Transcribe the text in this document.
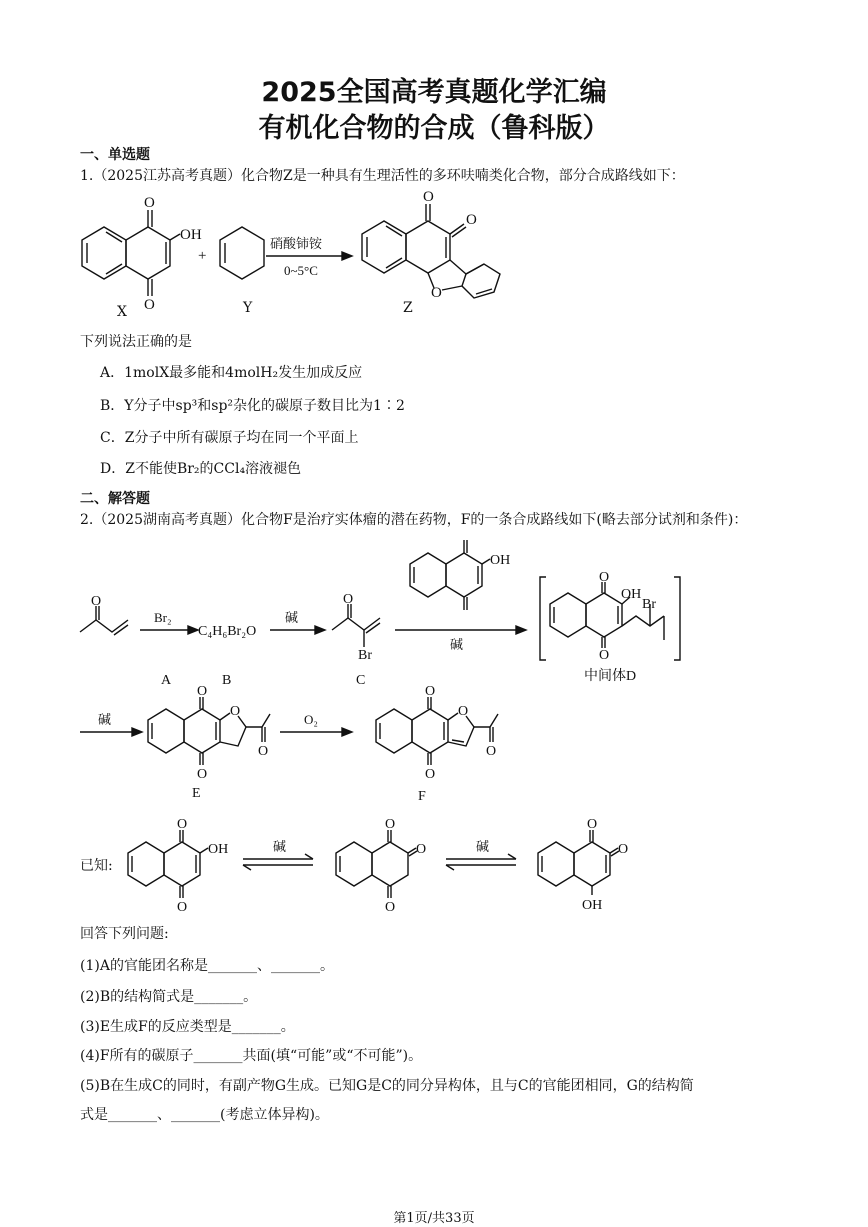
2025全国高考真题化学汇编
有机化合物的合成（鲁科版）
一、单选题
1.（2025江苏高考真题）化合物Z是一种具有生理活性的多环呋喃类化合物，部分合成路线如下：
O
O
OH
+
硝酸铈铵
0~5°C
O
O
O
X	Y	Z
下列说法正确的是
A．1molX最多能和4molH₂发生加成反应
B．Y分子中sp³和sp²杂化的碳原子数目比为1∶2
C．Z分子中所有碳原子均在同一个平面上
D．Z不能使Br₂的CCl₄溶液褪色
二、解答题
2.（2025湖南高考真题）化合物F是治疗实体瘤的潜在药物，F的一条合成路线如下(略去部分试剂和条件)：
O
Br₂
C₄H₆Br₂O
碱
O
Br
碱
OH
O
O
OH
Br
A	B	C	中间体D
碱
O
O
O
O
O₂
O
O
O
O
E	F
已知:
O
O
OH	碱
O
O
O	碱
O
O
OH
回答下列问题:
(1)A的官能团名称是_______、_______。
(2)B的结构简式是_______。
(3)E生成F的反应类型是_______。
(4)F所有的碳原子_______共面(填“可能”或“不可能”)。
(5)B在生成C的同时，有副产物G生成。已知G是C的同分异构体，且与C的官能团相同，G的结构简
式是_______、_______(考虑立体异构)。
第1页/共33页
